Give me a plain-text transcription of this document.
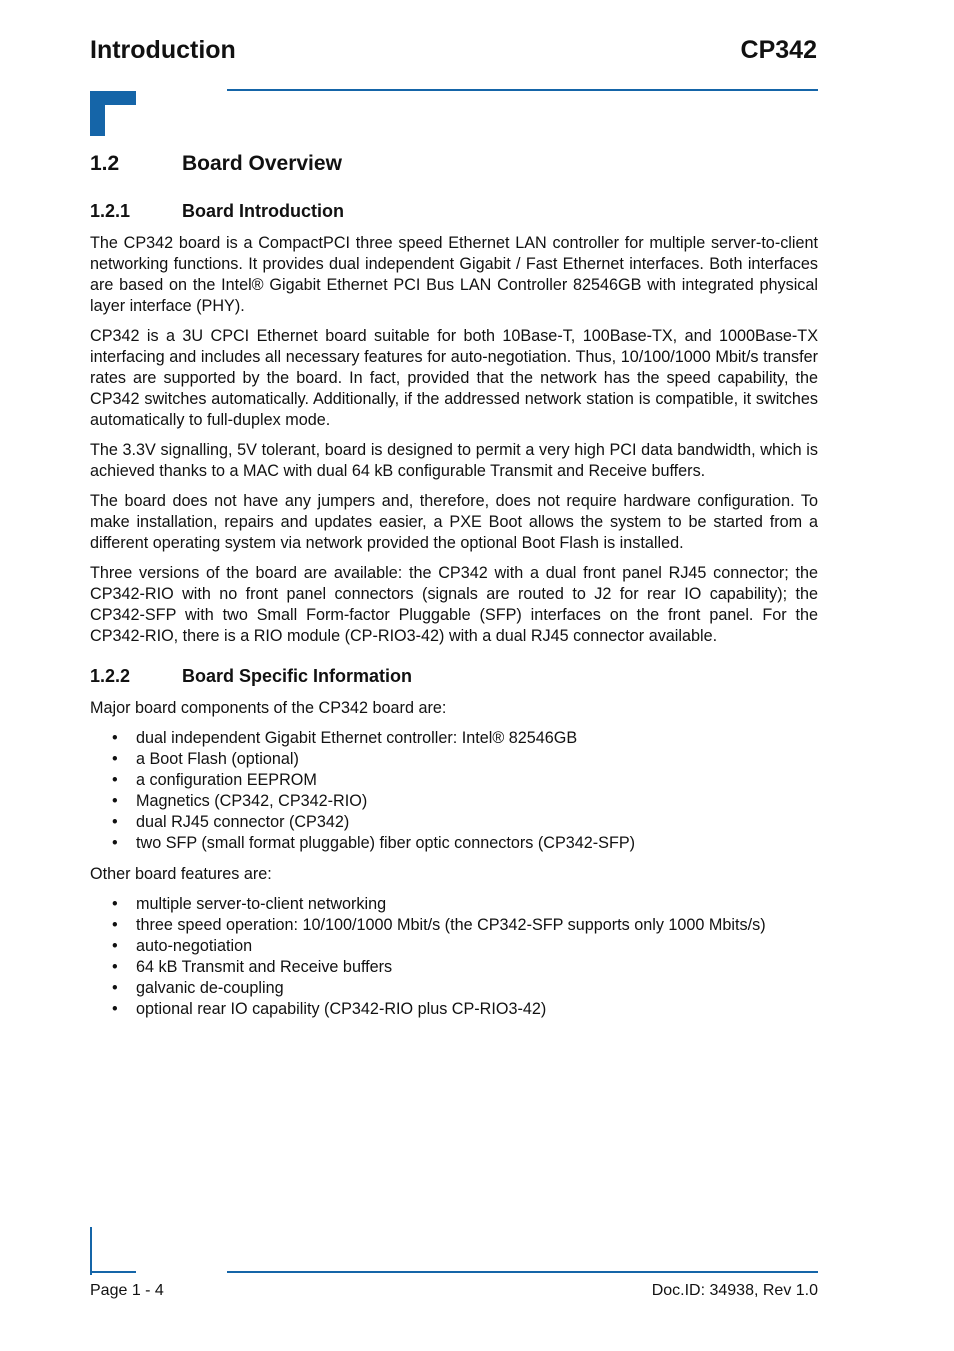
Introduction	CP342
1.2	Board Overview
1.2.1	Board Introduction

The CP342 board is a CompactPCI three speed Ethernet LAN controller for multiple server-to-client networking functions. It provides dual independent Gigabit / Fast Ethernet interfaces. Both interfaces are based on the Intel® Gigabit Ethernet PCI Bus LAN Controller 82546GB with integrated physical layer interface (PHY).

CP342 is a 3U CPCI Ethernet board suitable for both 10Base-T, 100Base-TX, and 1000Base-TX interfacing and includes all necessary features for auto-negotiation. Thus, 10/100/1000 Mbit/s transfer rates are supported by the board. In fact, provided that the network has the speed capability, the CP342 switches automatically. Additionally, if the addressed network station is compatible, it switches automatically to full-duplex mode.

The 3.3V signalling, 5V tolerant, board is designed to permit a very high PCI data bandwidth, which is achieved thanks to a MAC with dual 64 kB configurable Transmit and Receive buffers.

The board does not have any jumpers and, therefore, does not require hardware configuration. To make installation, repairs and updates easier, a PXE Boot allows the system to be started from a different operating system via network provided the optional Boot Flash is installed.

Three versions of the board are available: the CP342 with a dual front panel RJ45 connector; the CP342-RIO with no front panel connectors (signals are routed to J2 for rear IO capability); the CP342-SFP with two Small Form-factor Pluggable (SFP) interfaces on the front panel. For the CP342-RIO, there is a RIO module (CP-RIO3-42) with a dual RJ45 connector available.

1.2.2	Board Specific Information

Major board components of the CP342 board are:

• dual independent Gigabit Ethernet controller: Intel® 82546GB
• a Boot Flash (optional)
• a configuration EEPROM
• Magnetics (CP342, CP342-RIO)
• dual RJ45 connector (CP342)
• two SFP (small format pluggable) fiber optic connectors (CP342-SFP)

Other board features are:

• multiple server-to-client networking
• three speed operation: 10/100/1000 Mbit/s (the CP342-SFP supports only 1000 Mbits/s)
• auto-negotiation
• 64 kB Transmit and Receive buffers
• galvanic de-coupling
• optional rear IO capability (CP342-RIO plus CP-RIO3-42)
Page 1 - 4	Doc.ID: 34938, Rev 1.0
